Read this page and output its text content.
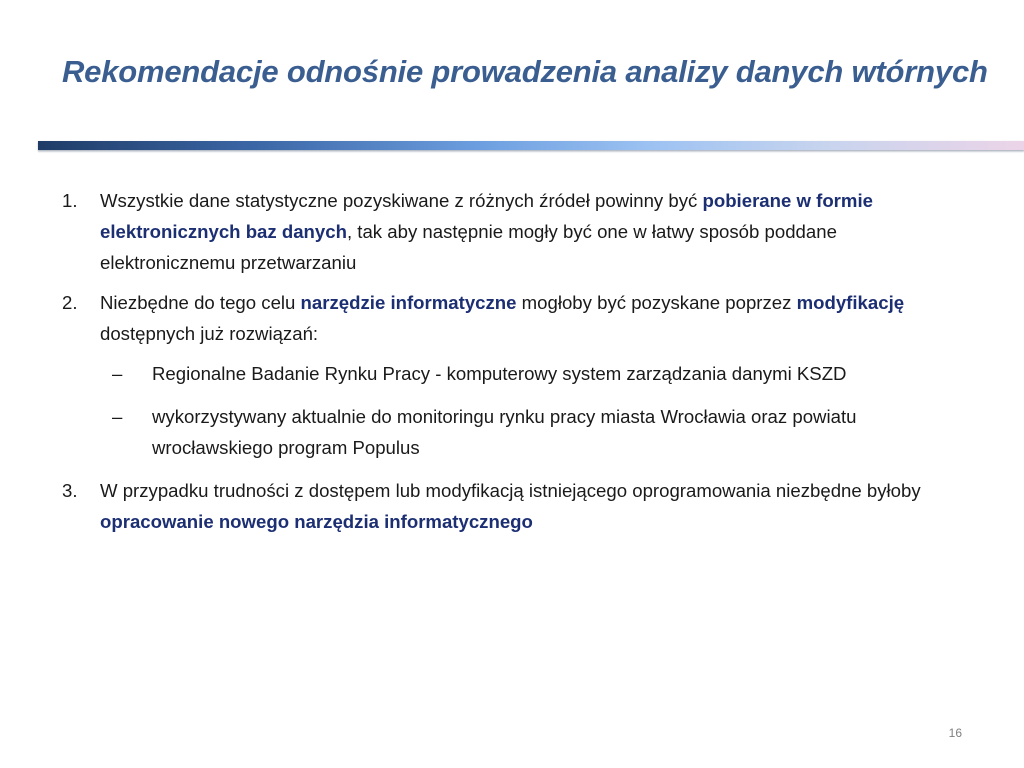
Rekomendacje odnośnie prowadzenia analizy danych wtórnych
1. Wszystkie dane statystyczne pozyskiwane z różnych źródeł powinny być pobierane w formie elektronicznych baz danych, tak aby następnie mogły być one w łatwy sposób poddane elektronicznemu przetwarzaniu
2. Niezbędne do tego celu narzędzie informatyczne mogłoby być pozyskane poprzez modyfikację dostępnych już rozwiązań:
– Regionalne Badanie Rynku Pracy - komputerowy system zarządzania danymi KSZD
– wykorzystywany aktualnie do monitoringu rynku pracy miasta Wrocławia oraz powiatu wrocławskiego program Populus
3. W przypadku trudności z dostępem lub modyfikacją istniejącego oprogramowania niezbędne byłoby opracowanie nowego narzędzia informatycznego
16
